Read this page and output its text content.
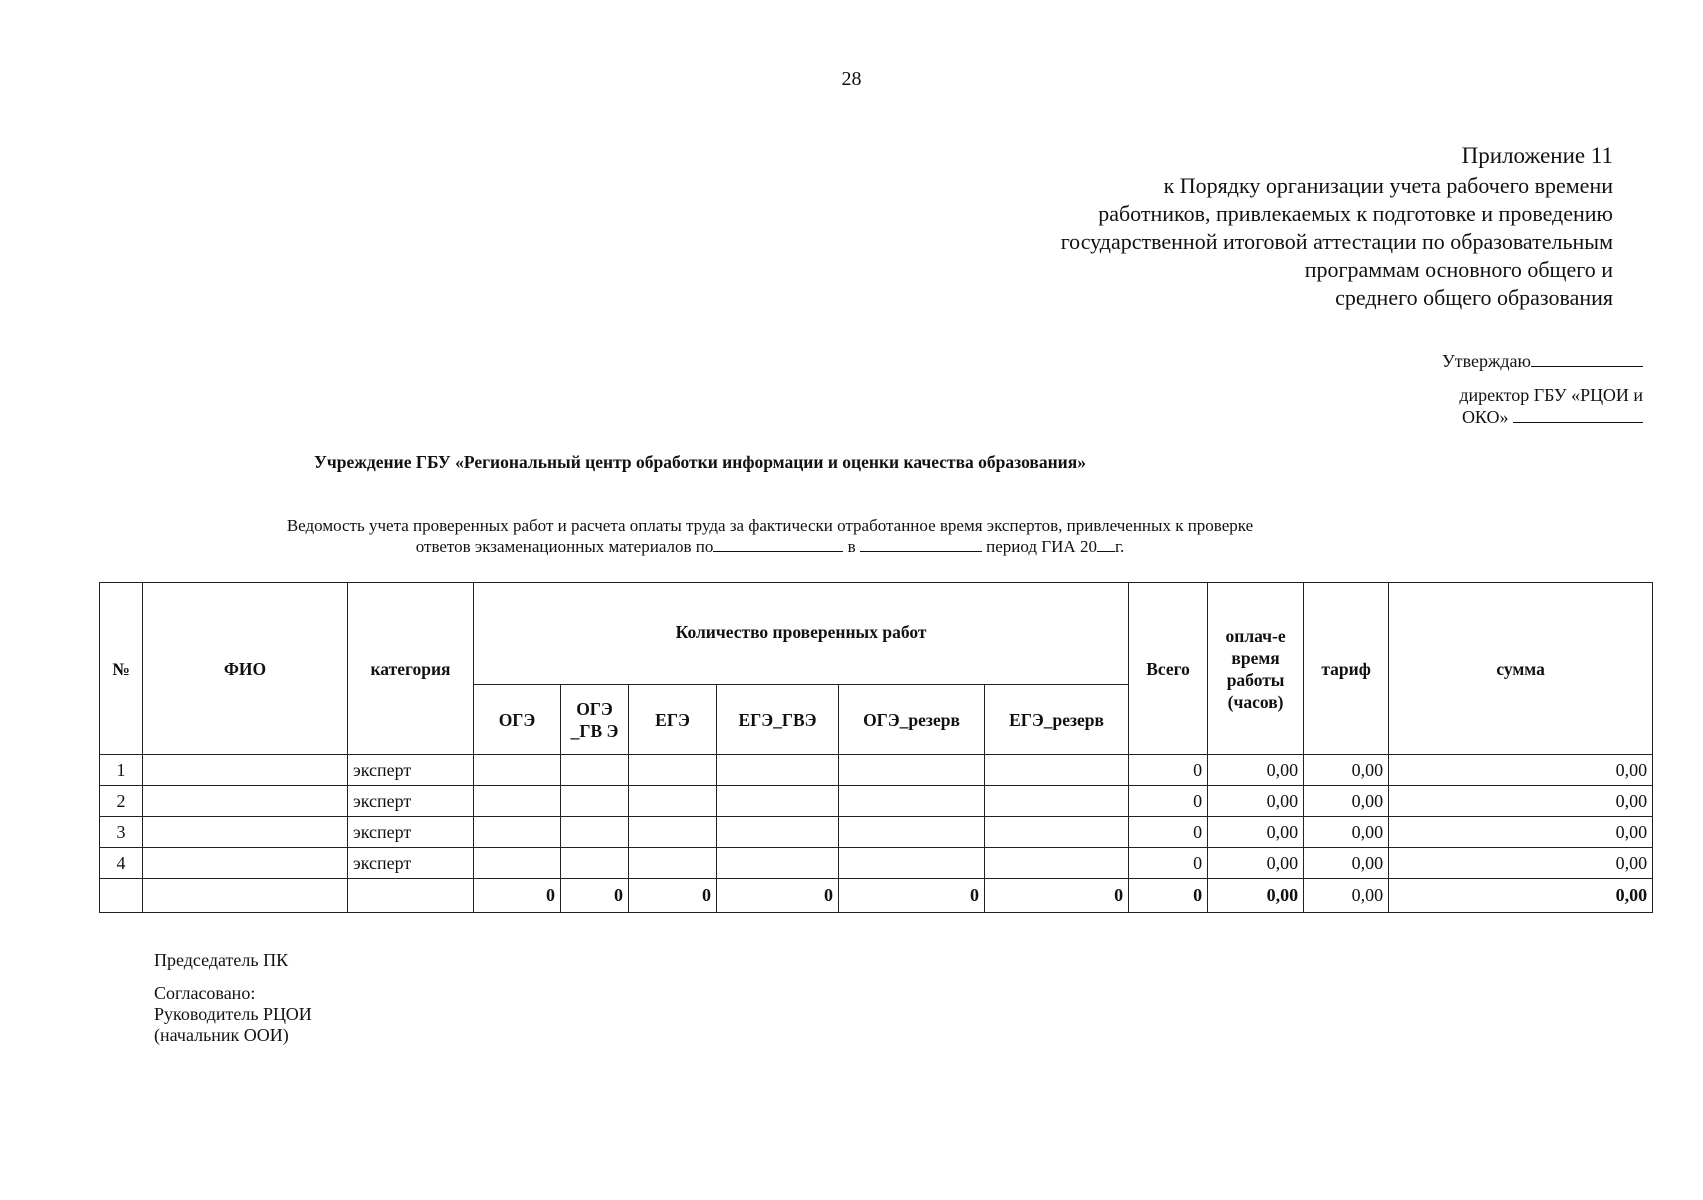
28
Приложение 11
к Порядку организации учета рабочего времени
работников, привлекаемых к подготовке и проведению
государственной итоговой аттестации по образовательным
программам основного общего и
среднего общего образования
Утверждаю
директор ГБУ «РЦОИ и
ОКО»
Учреждение ГБУ «Региональный центр обработки информации и оценки качества образования»
Ведомость учета проверенных работ и расчета оплаты труда за фактически отработанное время экспертов, привлеченных к проверке
ответов экзаменационных материалов по	в	период ГИА 20 г.
№	ФИО	категория	Количество проверенных работ						Всего	оплач-е время работы (часов)	тариф	сумма
			ОГЭ	ОГЭ _ГВ Э	ЕГЭ	ЕГЭ_ГВЭ	ОГЭ_резерв	ЕГЭ_резерв				
1		эксперт							0	0,00	0,00	0,00
2		эксперт							0	0,00	0,00	0,00
3		эксперт							0	0,00	0,00	0,00
4		эксперт							0	0,00	0,00	0,00
			0	0	0	0	0	0	0	0,00	0,00	0,00
Председатель ПК
Согласовано:
Руководитель РЦОИ
(начальник ООИ)
